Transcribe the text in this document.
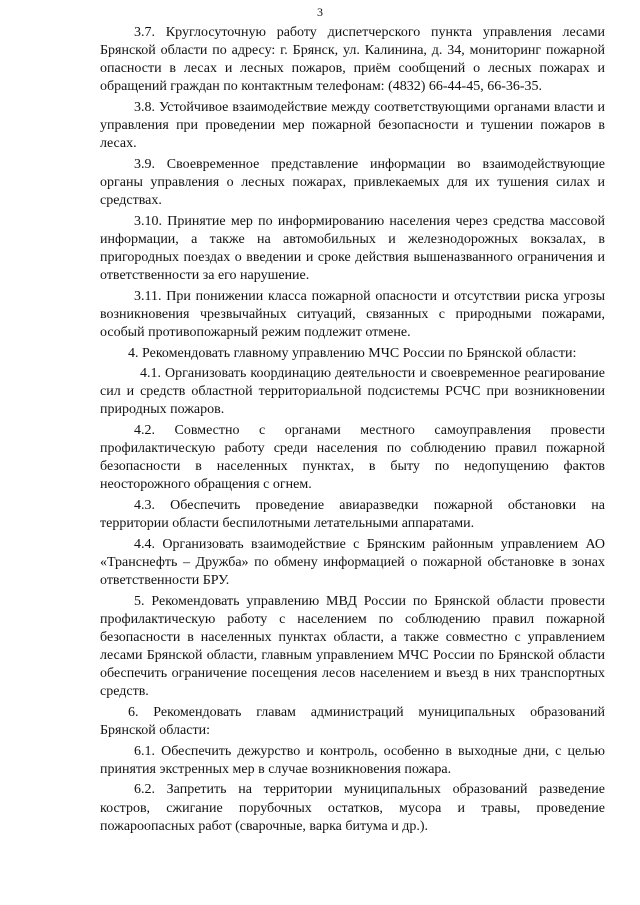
3

3.7. Круглосуточную работу диспетчерского пункта управления лесами Брянской области по адресу: г. Брянск, ул. Калинина, д. 34, мониторинг пожарной опасности в лесах и лесных пожаров, приём сообщений о лесных пожарах и обращений граждан по контактным телефонам: (4832) 66-44-45, 66-36-35.

3.8. Устойчивое взаимодействие между соответствующими органами власти и управления при проведении мер пожарной безопасности и тушении пожаров в лесах.

3.9. Своевременное представление информации во взаимодействующие органы управления о лесных пожарах, привлекаемых для их тушения силах и средствах.

3.10. Принятие мер по информированию населения через средства массовой информации, а также на автомобильных и железнодорожных вокзалах, в пригородных поездах о введении и сроке действия вышеназванного ограничения и ответственности за его нарушение.

3.11. При понижении класса пожарной опасности и отсутствии риска угрозы возникновения чрезвычайных ситуаций, связанных с природными пожарами, особый противопожарный режим подлежит отмене.

4. Рекомендовать главному управлению МЧС России по Брянской области:

4.1. Организовать координацию деятельности и своевременное реагирование сил и средств областной территориальной подсистемы РСЧС при возникновении природных пожаров.

4.2. Совместно с органами местного самоуправления провести профилактическую работу среди населения по соблюдению правил пожарной безопасности в населенных пунктах, в быту по недопущению фактов неосторожного обращения с огнем.

4.3. Обеспечить проведение авиаразведки пожарной обстановки на территории области беспилотными летательными аппаратами.

4.4. Организовать взаимодействие с Брянским районным управлением АО «Транснефть – Дружба» по обмену информацией о пожарной обстановке в зонах ответственности БРУ.

5. Рекомендовать управлению МВД России по Брянской области провести профилактическую работу с населением по соблюдению правил пожарной безопасности в населенных пунктах области, а также совместно с управлением лесами Брянской области, главным управлением МЧС России по Брянской области обеспечить ограничение посещения лесов населением и въезд в них транспортных средств.

6. Рекомендовать главам администраций муниципальных образований Брянской области:

6.1. Обеспечить дежурство и контроль, особенно в выходные дни, с целью принятия экстренных мер в случае возникновения пожара.

6.2. Запретить на территории муниципальных образований разведение костров, сжигание порубочных остатков, мусора и травы, проведение пожароопасных работ (сварочные, варка битума и др.).
